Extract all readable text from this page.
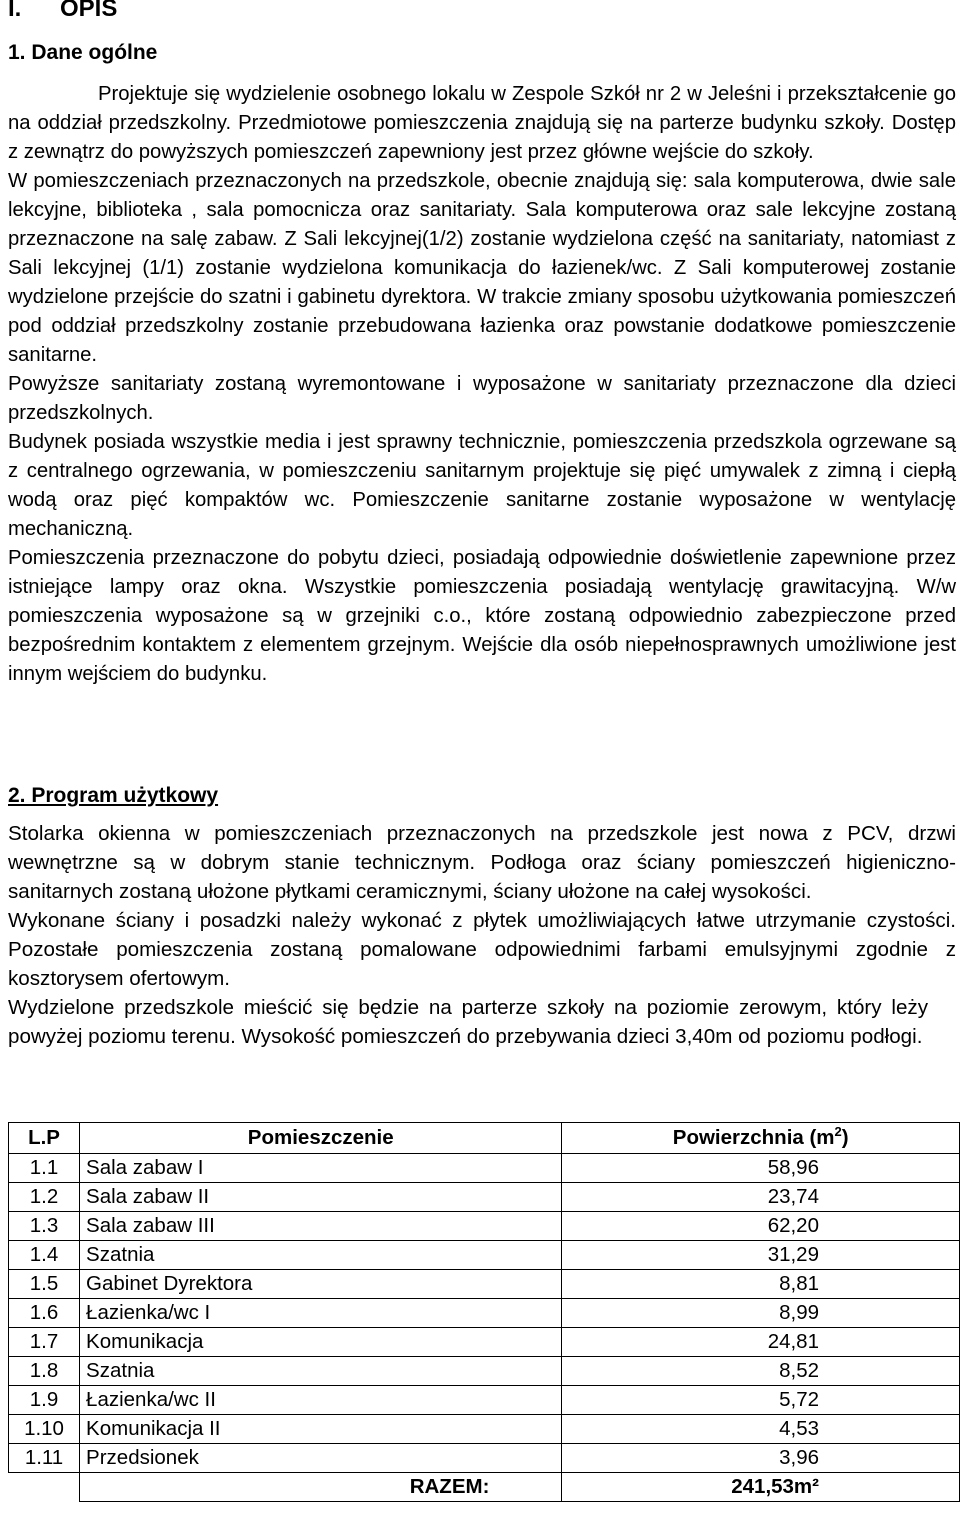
I. OPIS
1. Dane ogólne

Projektuje się wydzielenie osobnego lokalu w Zespole Szkół nr 2 w Jeleśni i przekształcenie go na oddział przedszkolny. Przedmiotowe pomieszczenia znajdują się na parterze budynku szkoły. Dostęp z zewnątrz do powyższych pomieszczeń zapewniony jest przez główne wejście do szkoły.

W pomieszczeniach przeznaczonych na przedszkole, obecnie znajdują się: sala komputerowa, dwie sale lekcyjne, biblioteka , sala pomocnicza oraz sanitariaty. Sala komputerowa oraz sale lekcyjne zostaną przeznaczone na salę zabaw. Z Sali lekcyjnej(1/2) zostanie wydzielona część na sanitariaty, natomiast z Sali lekcyjnej (1/1) zostanie wydzielona komunikacja do łazienek/wc. Z Sali komputerowej zostanie wydzielone przejście do szatni i gabinetu dyrektora. W trakcie zmiany sposobu użytkowania pomieszczeń pod oddział przedszkolny zostanie przebudowana łazienka oraz powstanie dodatkowe pomieszczenie sanitarne.

Powyższe sanitariaty zostaną wyremontowane i wyposażone w sanitariaty przeznaczone dla dzieci przedszkolnych.

Budynek posiada wszystkie media i jest sprawny technicznie, pomieszczenia przedszkola ogrzewane są z centralnego ogrzewania, w pomieszczeniu sanitarnym projektuje się pięć umywalek z zimną i ciepłą wodą oraz pięć kompaktów wc. Pomieszczenie sanitarne zostanie wyposażone w wentylację mechaniczną.

Pomieszczenia przeznaczone do pobytu dzieci, posiadają odpowiednie doświetlenie zapewnione przez istniejące lampy oraz okna. Wszystkie pomieszczenia posiadają wentylację grawitacyjną. W/w pomieszczenia wyposażone są w grzejniki c.o., które zostaną odpowiednio zabezpieczone przed bezpośrednim kontaktem z elementem grzejnym. Wejście dla osób niepełnosprawnych umożliwione jest innym wejściem do budynku.

2. Program użytkowy

Stolarka okienna w pomieszczeniach przeznaczonych na przedszkole jest nowa z PCV, drzwi wewnętrzne są w dobrym stanie technicznym. Podłoga oraz ściany pomieszczeń higieniczno-sanitarnych zostaną ułożone płytkami ceramicznymi, ściany ułożone na całej wysokości.

Wykonane ściany i posadzki należy wykonać z płytek umożliwiających łatwe utrzymanie czystości. Pozostałe pomieszczenia zostaną pomalowane odpowiednimi farbami emulsyjnymi zgodnie z kosztorysem ofertowym.

Wydzielone przedszkole mieścić się będzie na parterze szkoły na poziomie zerowym, który leży powyżej poziomu terenu. Wysokość pomieszczeń do przebywania dzieci 3,40m od poziomu podłogi.

L.P	Pomieszczenie	Powierzchnia $(m^2)$
1.1	Sala zabaw I	58,96
1.2	Sala zabaw II	23,74
1.3	Sala zabaw III	62,20
1.4	Szatnia	31,29
1.5	Gabinet Dyrektora	8,81
1.6	Łazienka/wc I	8,99
1.7	Komunikacja	24,81
1.8	Szatnia	8,52
1.9	Łazienka/wc II	5,72
1.10	Komunikacja II	4,53
1.11	Przedsionek	3,96
	RAZEM:	241,53m²
